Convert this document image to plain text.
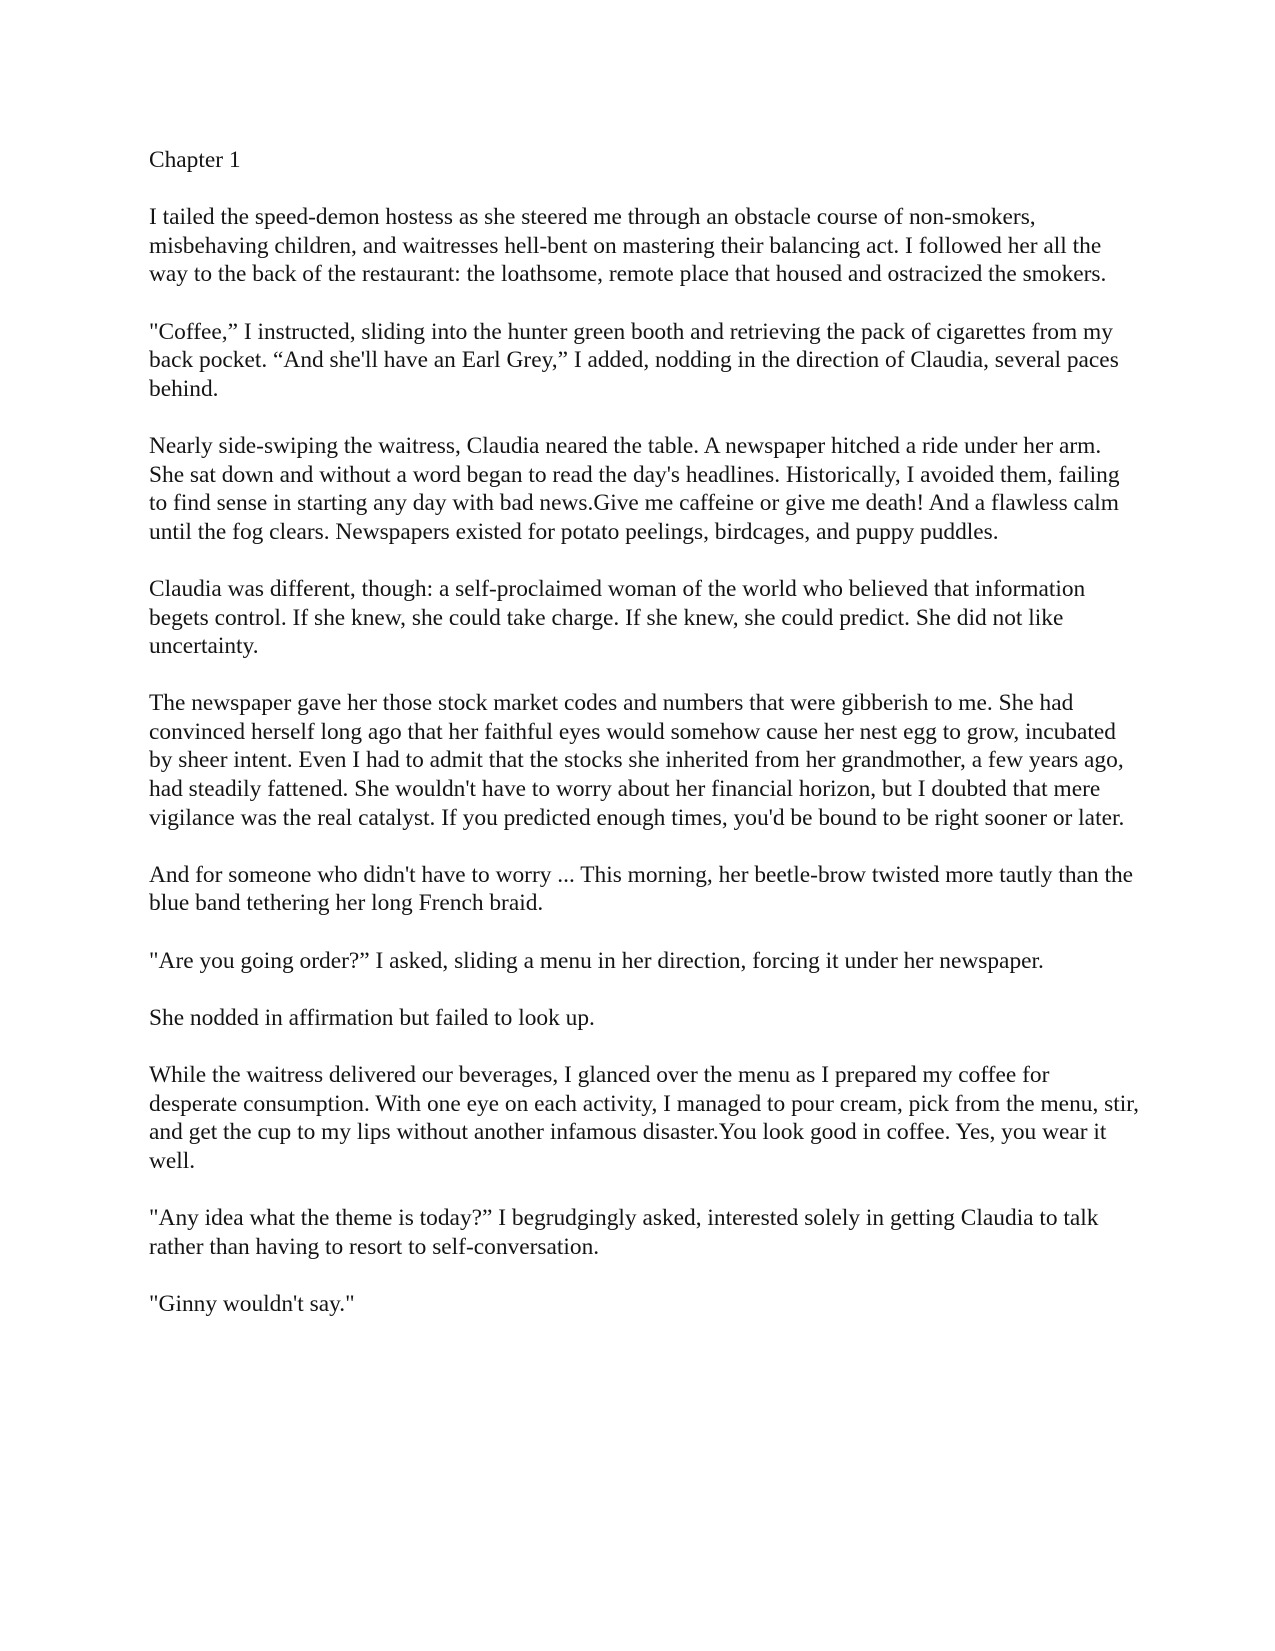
Chapter 1

I tailed the speed-demon hostess as she steered me through an obstacle course of non-smokers, misbehaving children, and waitresses hell-bent on mastering their balancing act. I followed her all the way to the back of the restaurant: the loathsome, remote place that housed and ostracized the smokers.

"Coffee,” I instructed, sliding into the hunter green booth and retrieving the pack of cigarettes from my back pocket. “And she'll have an Earl Grey,” I added, nodding in the direction of Claudia, several paces behind.

Nearly side-swiping the waitress, Claudia neared the table. A newspaper hitched a ride under her arm. She sat down and without a word began to read the day's headlines. Historically, I avoided them, failing to find sense in starting any day with bad news.Give me caffeine or give me death! And a flawless calm until the fog clears. Newspapers existed for potato peelings, birdcages, and puppy puddles.

Claudia was different, though: a self-proclaimed woman of the world who believed that information begets control. If she knew, she could take charge. If she knew, she could predict. She did not like uncertainty.

The newspaper gave her those stock market codes and numbers that were gibberish to me. She had convinced herself long ago that her faithful eyes would somehow cause her nest egg to grow, incubated by sheer intent. Even I had to admit that the stocks she inherited from her grandmother, a few years ago, had steadily fattened. She wouldn't have to worry about her financial horizon, but I doubted that mere vigilance was the real catalyst. If you predicted enough times, you'd be bound to be right sooner or later.

And for someone who didn't have to worry ... This morning, her beetle-brow twisted more tautly than the blue band tethering her long French braid.

"Are you going order?” I asked, sliding a menu in her direction, forcing it under her newspaper.

She nodded in affirmation but failed to look up.

While the waitress delivered our beverages, I glanced over the menu as I prepared my coffee for desperate consumption. With one eye on each activity, I managed to pour cream, pick from the menu, stir, and get the cup to my lips without another infamous disaster.You look good in coffee. Yes, you wear it well.

"Any idea what the theme is today?” I begrudgingly asked, interested solely in getting Claudia to talk rather than having to resort to self-conversation.

"Ginny wouldn't say."
